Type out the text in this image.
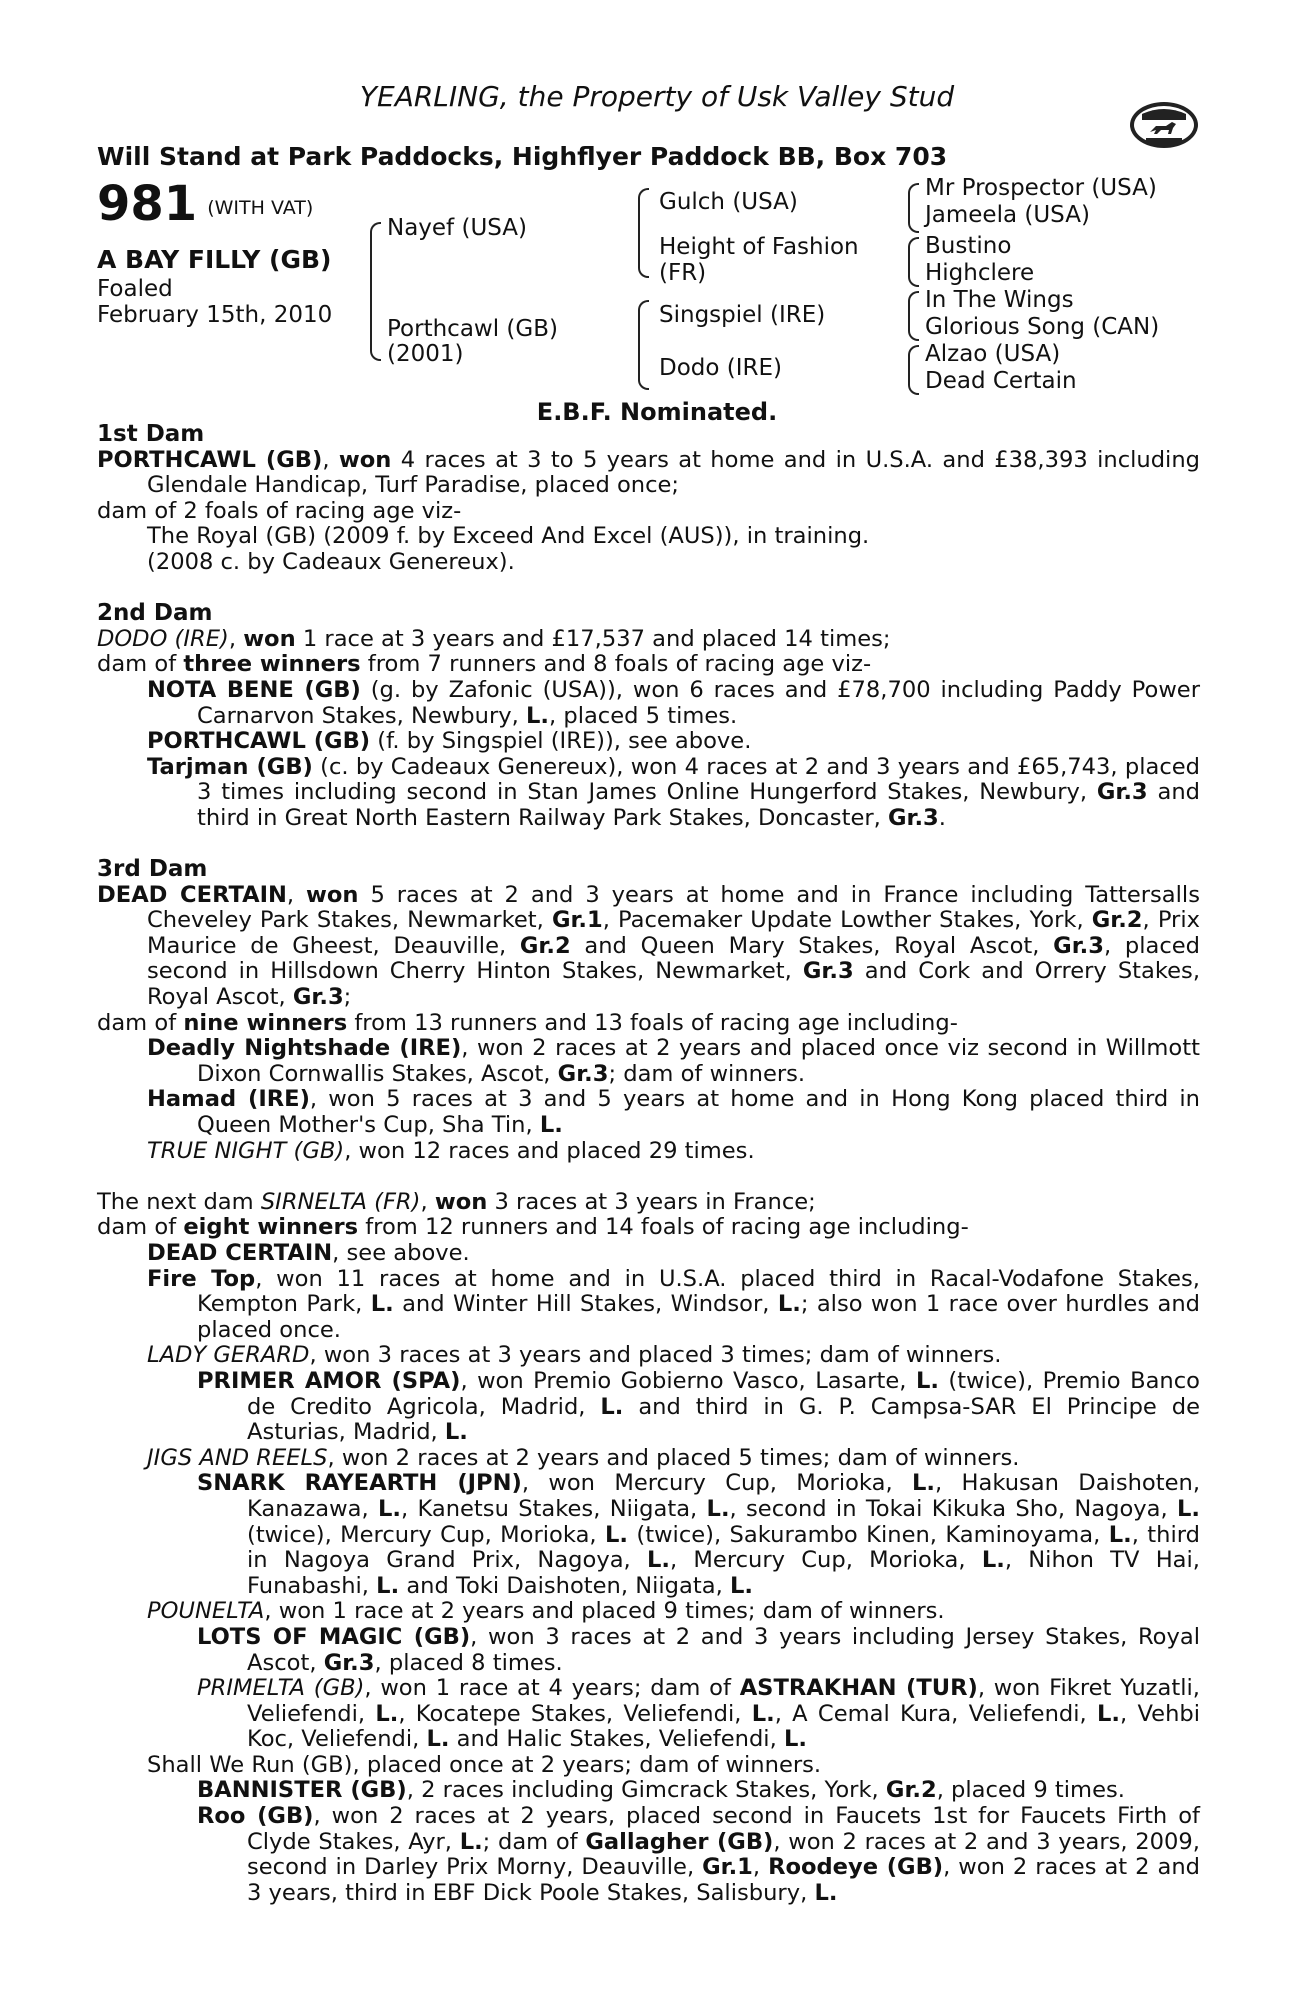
YEARLING, the Property of Usk Valley Stud
Will Stand at Park Paddocks, Highflyer Paddock BB, Box 703
981 (WITH VAT)
A BAY FILLY (GB)
Foaled
February 15th, 2010
Nayef (USA)
Porthcawl (GB)
(2001)
Gulch (USA)
Height of Fashion
(FR)
Singspiel (IRE)
Dodo (IRE)
Mr Prospector (USA)
Jameela (USA)
Bustino
Highclere
In The Wings
Glorious Song (CAN)
Alzao (USA)
Dead Certain
E.B.F. Nominated.

1st Dam

PORTHCAWL (GB), won 4 races at 3 to 5 years at home and in U.S.A. and £38,393 including Glendale Handicap, Turf Paradise, placed once;

dam of 2 foals of racing age viz-

The Royal (GB) (2009 f. by Exceed And Excel (AUS)), in training.

(2008 c. by Cadeaux Genereux).

2nd Dam

DODO (IRE), won 1 race at 3 years and £17,537 and placed 14 times;

dam of three winners from 7 runners and 8 foals of racing age viz-

NOTA BENE (GB) (g. by Zafonic (USA)), won 6 races and £78,700 including Paddy Power Carnarvon Stakes, Newbury, L., placed 5 times.

PORTHCAWL (GB) (f. by Singspiel (IRE)), see above.

Tarjman (GB) (c. by Cadeaux Genereux), won 4 races at 2 and 3 years and £65,743, placed 3 times including second in Stan James Online Hungerford Stakes, Newbury, Gr.3 and third in Great North Eastern Railway Park Stakes, Doncaster, Gr.3.

3rd Dam

DEAD CERTAIN, won 5 races at 2 and 3 years at home and in France including Tattersalls Cheveley Park Stakes, Newmarket, Gr.1, Pacemaker Update Lowther Stakes, York, Gr.2, Prix Maurice de Gheest, Deauville, Gr.2 and Queen Mary Stakes, Royal Ascot, Gr.3, placed second in Hillsdown Cherry Hinton Stakes, Newmarket, Gr.3 and Cork and Orrery Stakes, Royal Ascot, Gr.3;

dam of nine winners from 13 runners and 13 foals of racing age including-

Deadly Nightshade (IRE), won 2 races at 2 years and placed once viz second in Willmott Dixon Cornwallis Stakes, Ascot, Gr.3; dam of winners.

Hamad (IRE), won 5 races at 3 and 5 years at home and in Hong Kong placed third in Queen Mother's Cup, Sha Tin, L.

TRUE NIGHT (GB), won 12 races and placed 29 times.

The next dam SIRNELTA (FR), won 3 races at 3 years in France;

dam of eight winners from 12 runners and 14 foals of racing age including-

DEAD CERTAIN, see above.

Fire Top, won 11 races at home and in U.S.A. placed third in Racal-Vodafone Stakes, Kempton Park, L. and Winter Hill Stakes, Windsor, L.; also won 1 race over hurdles and placed once.

LADY GERARD, won 3 races at 3 years and placed 3 times; dam of winners.

PRIMER AMOR (SPA), won Premio Gobierno Vasco, Lasarte, L. (twice), Premio Banco de Credito Agricola, Madrid, L. and third in G. P. Campsa-SAR El Principe de Asturias, Madrid, L.

JIGS AND REELS, won 2 races at 2 years and placed 5 times; dam of winners.

SNARK RAYEARTH (JPN), won Mercury Cup, Morioka, L., Hakusan Daishoten, Kanazawa, L., Kanetsu Stakes, Niigata, L., second in Tokai Kikuka Sho, Nagoya, L. (twice), Mercury Cup, Morioka, L. (twice), Sakurambo Kinen, Kaminoyama, L., third in Nagoya Grand Prix, Nagoya, L., Mercury Cup, Morioka, L., Nihon TV Hai, Funabashi, L. and Toki Daishoten, Niigata, L.

POUNELTA, won 1 race at 2 years and placed 9 times; dam of winners.

LOTS OF MAGIC (GB), won 3 races at 2 and 3 years including Jersey Stakes, Royal Ascot, Gr.3, placed 8 times.

PRIMELTA (GB), won 1 race at 4 years; dam of ASTRAKHAN (TUR), won Fikret Yuzatli, Veliefendi, L., Kocatepe Stakes, Veliefendi, L., A Cemal Kura, Veliefendi, L., Vehbi Koc, Veliefendi, L. and Halic Stakes, Veliefendi, L.

Shall We Run (GB), placed once at 2 years; dam of winners.

BANNISTER (GB), 2 races including Gimcrack Stakes, York, Gr.2, placed 9 times.

Roo (GB), won 2 races at 2 years, placed second in Faucets 1st for Faucets Firth of Clyde Stakes, Ayr, L.; dam of Gallagher (GB), won 2 races at 2 and 3 years, 2009, second in Darley Prix Morny, Deauville, Gr.1, Roodeye (GB), won 2 races at 2 and 3 years, third in EBF Dick Poole Stakes, Salisbury, L.
